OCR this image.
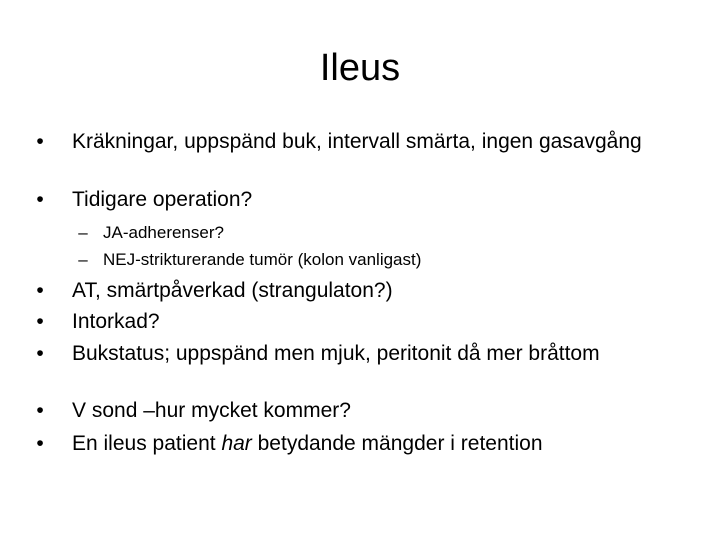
Ileus
•	Kräkningar, uppspänd buk, intervall smärta, ingen gasavgång
•	Tidigare operation?
– JA-adherenser?
– NEJ-strikturerande tumör (kolon vanligast)
•	AT, smärtpåverkad (strangulaton?)
•	Intorkad?
•	Bukstatus; uppspänd men mjuk, peritonit då mer bråttom
•	V sond –hur mycket kommer?
•	En ileus patient har betydande mängder i retention
